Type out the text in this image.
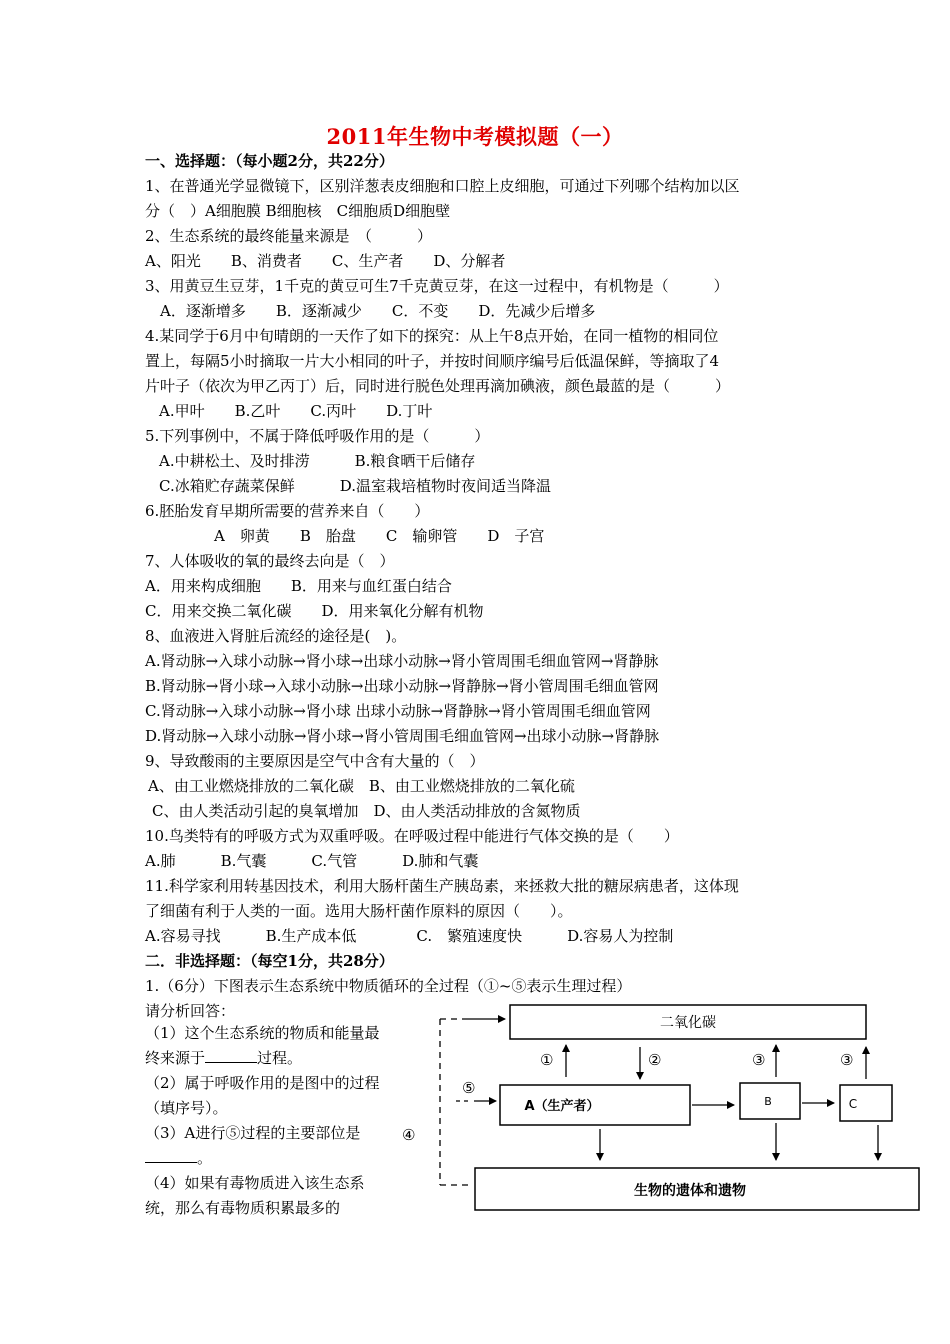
2011年生物中考模拟题（一）
一、选择题：（每小题2分，共22分）
1、在普通光学显微镜下，区别洋葱表皮细胞和口腔上皮细胞，可通过下列哪个结构加以区
分（　）A细胞膜 B细胞核　C细胞质D细胞壁
2、生态系统的最终能量来源是　（　　　）
A、阳光　　B、消费者　　C、生产者　　D、分解者
3、用黄豆生豆芽，1千克的黄豆可生7千克黄豆芽，在这一过程中，有机物是（　　　）
A．逐渐增多　　B．逐渐减少　　C．不变　　D．先减少后增多
4.某同学于6月中旬晴朗的一天作了如下的探究：从上午8点开始，在同一植物的相同位
置上，每隔5小时摘取一片大小相同的叶子，并按时间顺序编号后低温保鲜，等摘取了4
片叶子（依次为甲乙丙丁）后，同时进行脱色处理再滴加碘液，颜色最蓝的是（　　　）
A.甲叶　　B.乙叶　　C.丙叶　　D.丁叶
5.下列事例中，不属于降低呼吸作用的是（　　　）
A.中耕松土、及时排涝　　　B.粮食晒干后储存
C.冰箱贮存蔬菜保鲜　　　D.温室栽培植物时夜间适当降温
6.胚胎发育早期所需要的营养来自（　　）
A　卵黄　　B　胎盘　　C　输卵管　　D　子宫
7、人体吸收的氧的最终去向是（　）
A．用来构成细胞　　B．用来与血红蛋白结合
C．用来交换二氧化碳　　D．用来氧化分解有机物
8、血液进入肾脏后流经的途径是(　)。
A.肾动脉→入球小动脉→肾小球→出球小动脉→肾小管周围毛细血管网→肾静脉
B.肾动脉→肾小球→入球小动脉→出球小动脉→肾静脉→肾小管周围毛细血管网
C.肾动脉→入球小动脉→肾小球 出球小动脉→肾静脉→肾小管周围毛细血管网
D.肾动脉→入球小动脉→肾小球→肾小管周围毛细血管网→出球小动脉→肾静脉
9、导致酸雨的主要原因是空气中含有大量的（　）
A、由工业燃烧排放的二氧化碳　B、由工业燃烧排放的二氧化硫
C、由人类活动引起的臭氧增加　D、由人类活动排放的含氮物质
10.鸟类特有的呼吸方式为双重呼吸。在呼吸过程中能进行气体交换的是（　　）
A.肺　　　B.气囊　　　C.气管　　　D.肺和气囊
11.科学家利用转基因技术，利用大肠杆菌生产胰岛素，来拯救大批的糖尿病患者，这体现
了细菌有利于人类的一面。选用大肠杆菌作原料的原因（　　）。
A.容易寻找　　　B.生产成本低　　　　C.　繁殖速度快　　　D.容易人为控制
二．非选择题：（每空1分，共28分）
1.（6分）下图表示生态系统中物质循环的全过程（①~⑤表示生理过程）
请分析回答：
（1）这个生态系统的物质和能量最终来源于	过程。
（2）属于呼吸作用的是图中的过程（填序号）。
（3）A进行⑤过程的主要部位是。
（4）如果有毒物质进入该生态系统，那么有毒物质积累最多的
二氧化碳
A（生产者）	B	C
生物的遗体和遗物
①	②	③	③
④
⑤
